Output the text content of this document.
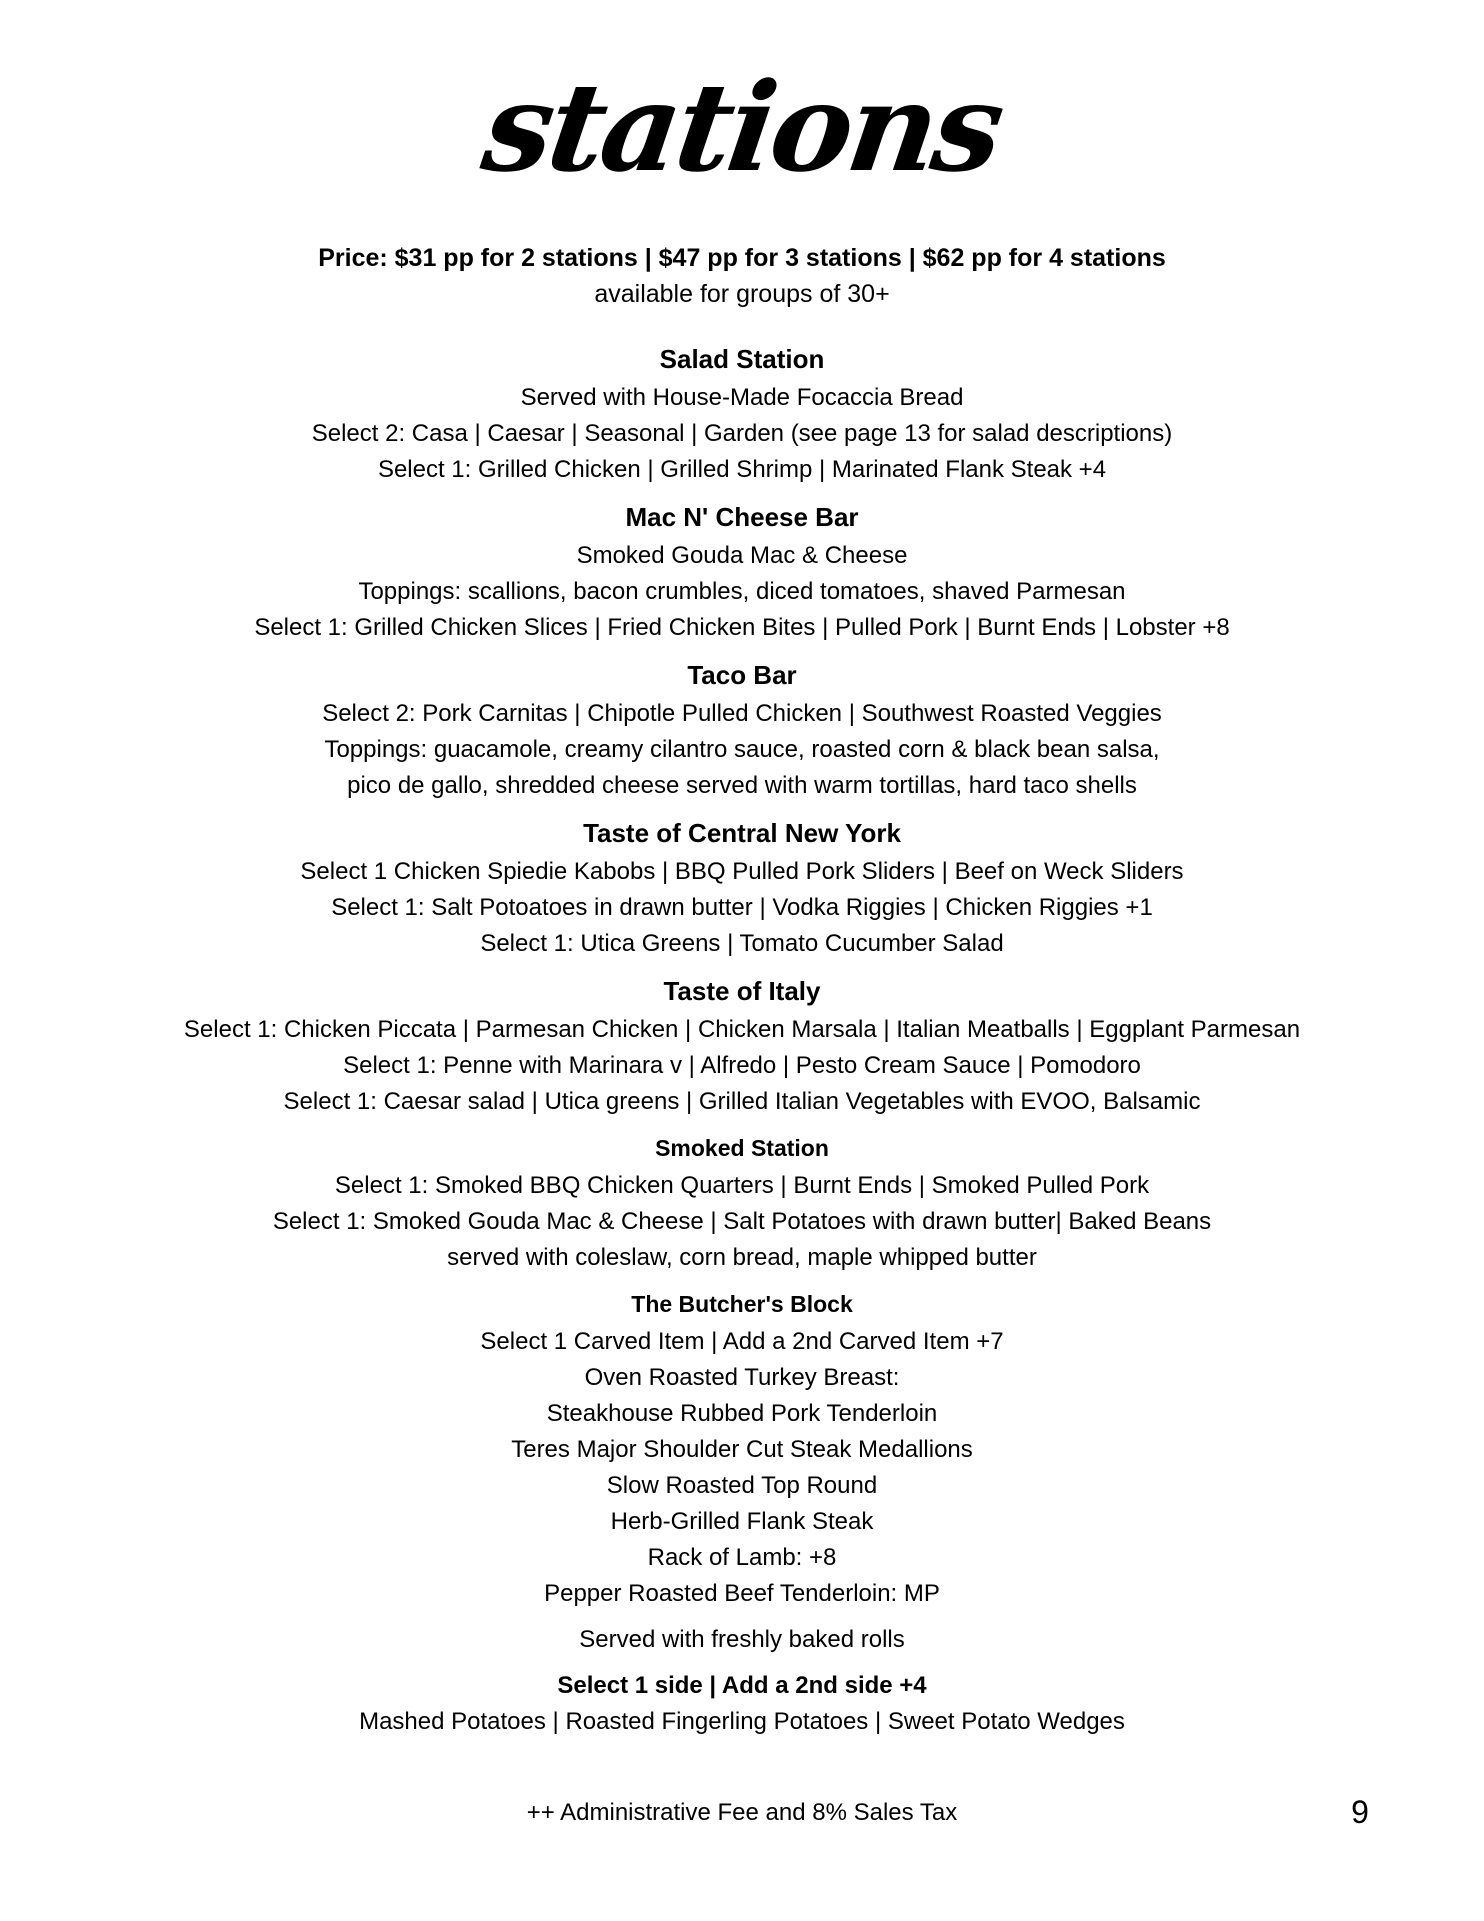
stations
Price: $31 pp for 2 stations | $47 pp for 3 stations | $62 pp for 4 stations
available for groups of 30+
Salad Station
Served with House-Made Focaccia Bread
Select 2: Casa | Caesar | Seasonal | Garden (see page 13 for salad descriptions)
Select 1: Grilled Chicken | Grilled Shrimp | Marinated Flank Steak +4
Mac N' Cheese Bar
Smoked Gouda Mac & Cheese
Toppings: scallions, bacon crumbles, diced tomatoes, shaved Parmesan
Select 1: Grilled Chicken Slices | Fried Chicken Bites | Pulled Pork | Burnt Ends | Lobster +8
Taco Bar
Select 2: Pork Carnitas | Chipotle Pulled Chicken | Southwest Roasted Veggies
Toppings: guacamole, creamy cilantro sauce, roasted corn & black bean salsa,
pico de gallo, shredded cheese served with warm tortillas, hard taco shells
Taste of Central New York
Select 1 Chicken Spiedie Kabobs | BBQ Pulled Pork Sliders | Beef on Weck Sliders
Select 1: Salt Potoatoes in drawn butter | Vodka Riggies | Chicken Riggies +1
Select 1: Utica Greens | Tomato Cucumber Salad
Taste of Italy
Select 1: Chicken Piccata | Parmesan Chicken | Chicken Marsala | Italian Meatballs | Eggplant Parmesan
Select 1: Penne with Marinara v | Alfredo | Pesto Cream Sauce | Pomodoro
Select 1: Caesar salad | Utica greens | Grilled Italian Vegetables with EVOO, Balsamic
Smoked Station
Select 1: Smoked BBQ Chicken Quarters | Burnt Ends | Smoked Pulled Pork
Select 1: Smoked Gouda Mac & Cheese | Salt Potatoes with drawn butter| Baked Beans
served with coleslaw, corn bread, maple whipped butter
The Butcher's Block
Select 1 Carved Item | Add a 2nd Carved Item +7
Oven Roasted Turkey Breast:
Steakhouse Rubbed Pork Tenderloin
Teres Major Shoulder Cut Steak Medallions
Slow Roasted Top Round
Herb-Grilled Flank Steak
Rack of Lamb: +8
Pepper Roasted Beef Tenderloin: MP
Served with freshly baked rolls
Select 1 side | Add a 2nd side +4
Mashed Potatoes | Roasted Fingerling Potatoes | Sweet Potato Wedges
++ Administrative Fee and 8% Sales Tax	9
